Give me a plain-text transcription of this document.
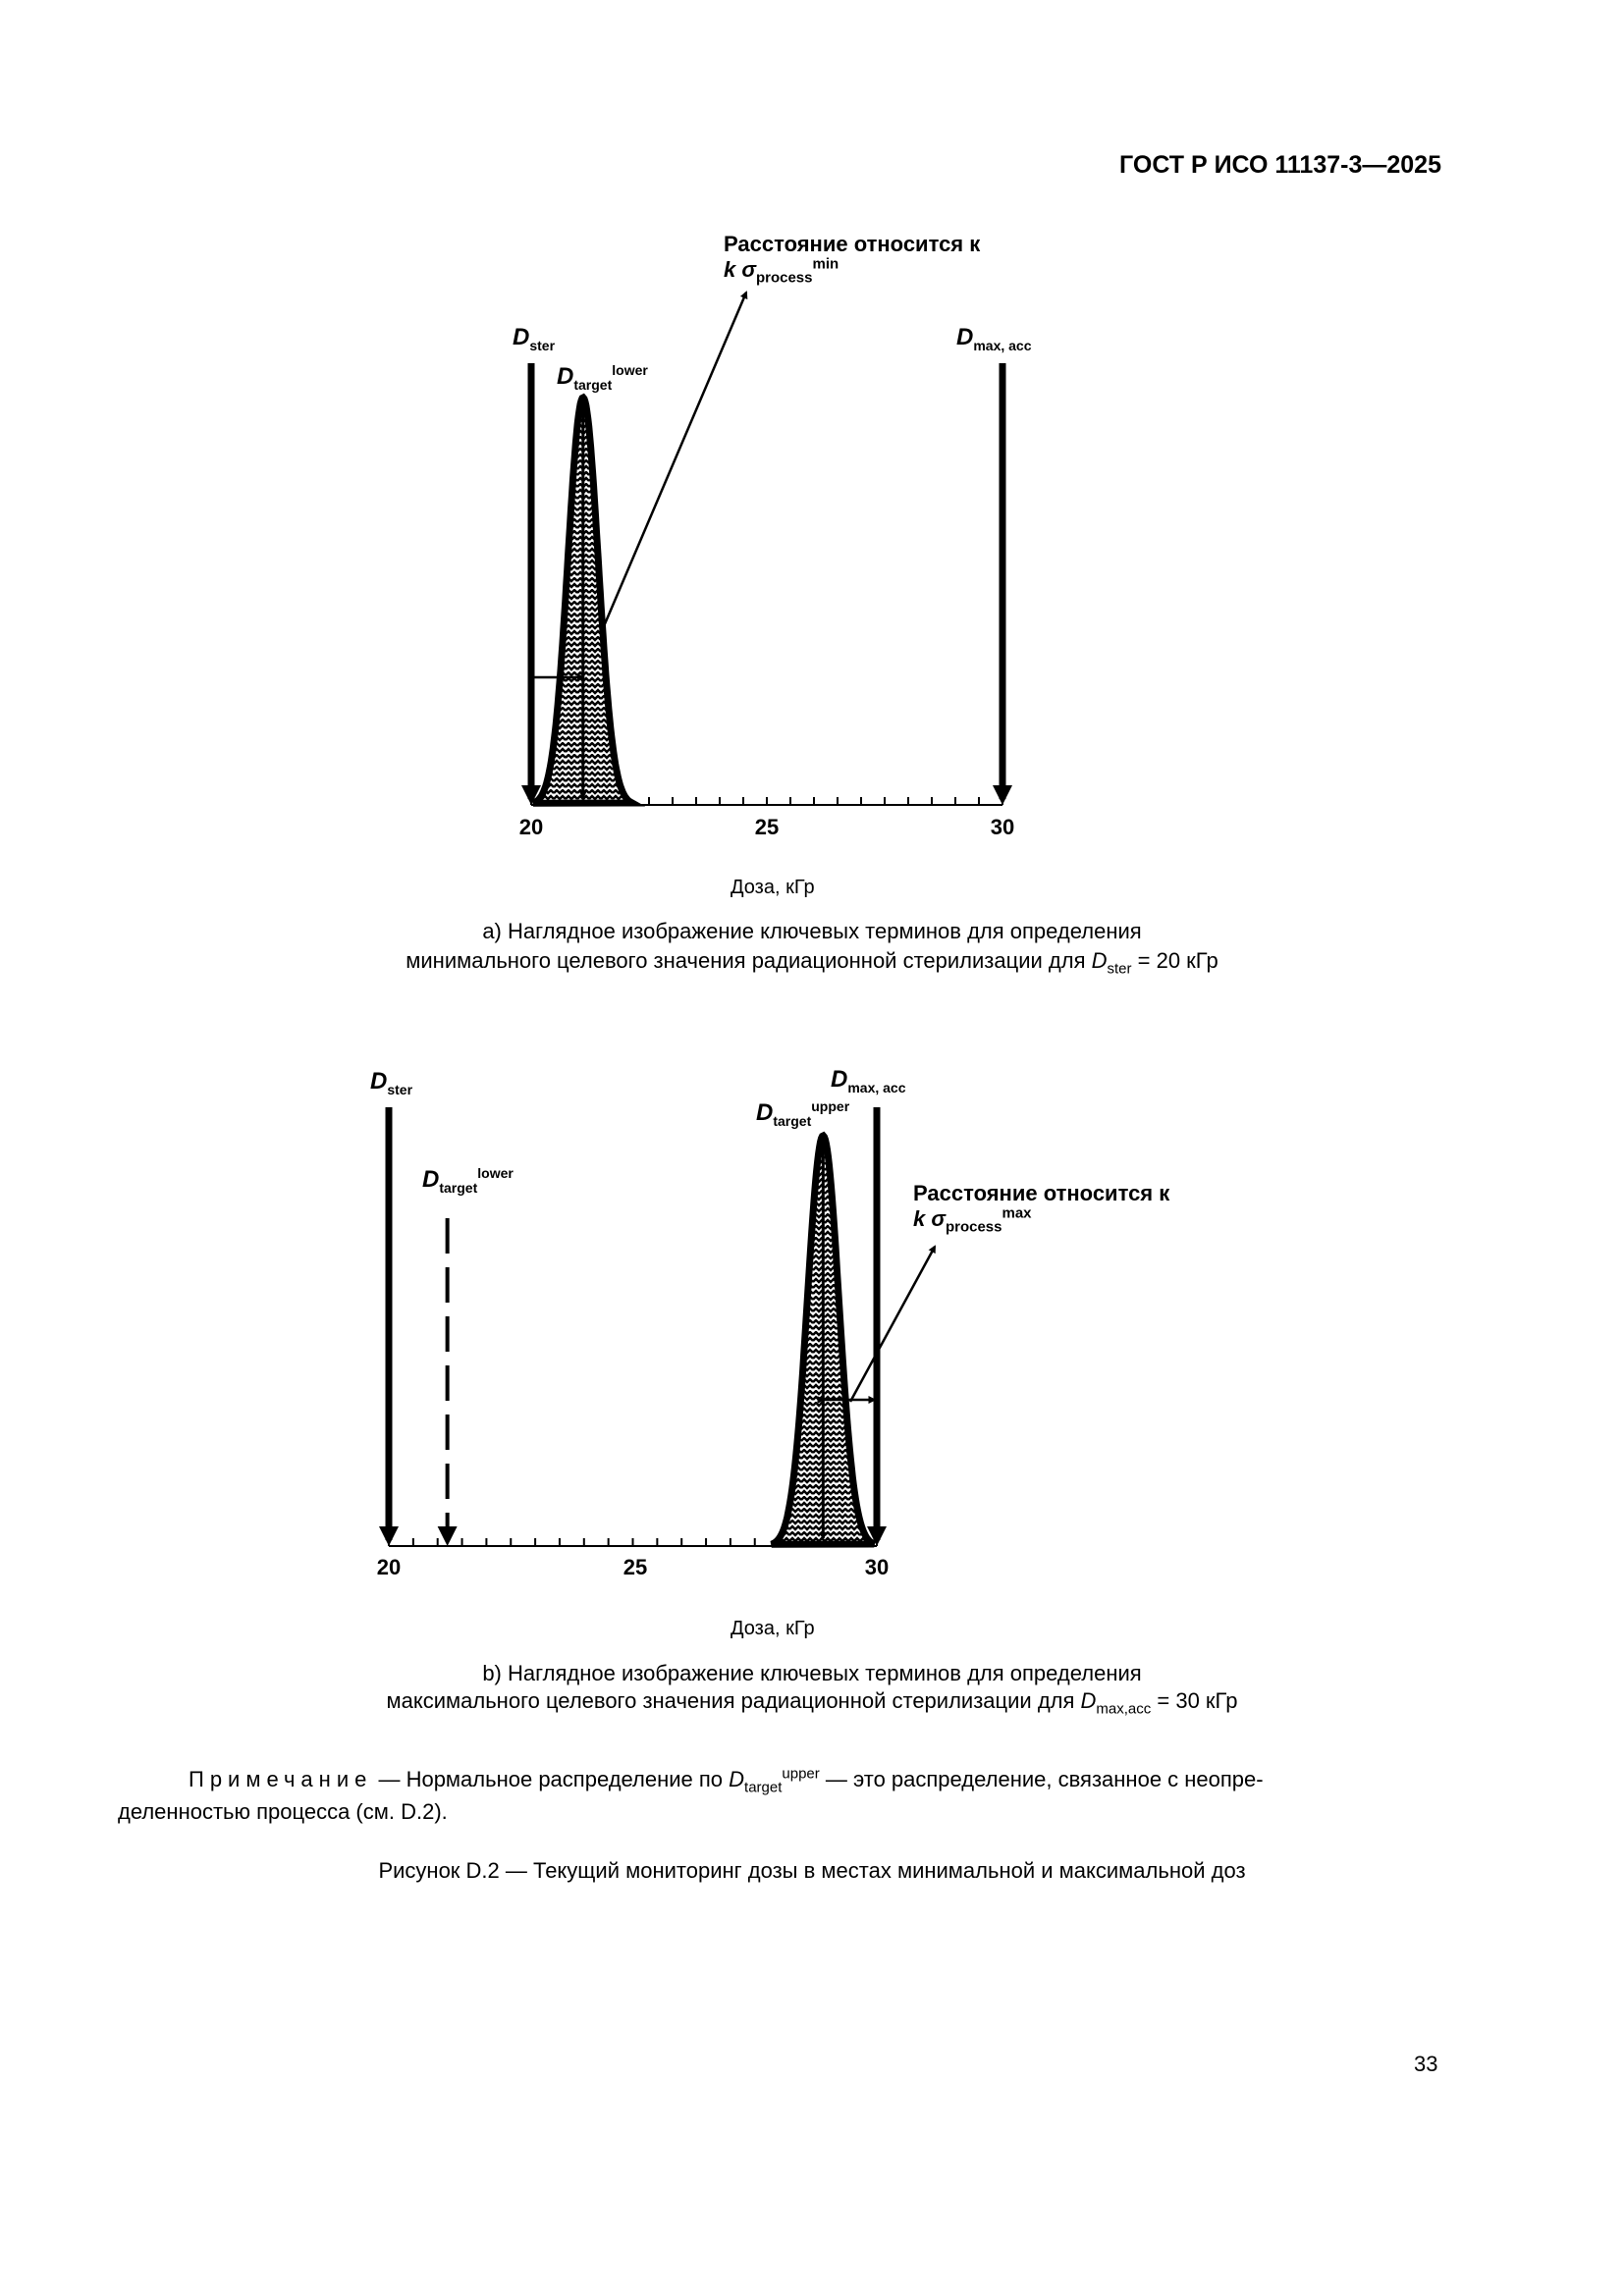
ГОСТ Р ИСО 11137-3—2025
Расстояние относится к
k $\sigma_{process}^{min}$
$D_{ster}$	$D_{max, acc}$
$D_{target}^{lower}$
20	25	30
Доза, кГр
а) Наглядное изображение ключевых терминов для определения
минимального целевого значения радиационной стерилизации для $D_{ster} = 20$ кГр
$D_{ster}$	$D_{max, acc}$
$D_{target}^{upper}$
$D_{target}^{lower}$
Расстояние относится к
k $\sigma_{process}^{max}$
20	25	30
Доза, кГр
b) Наглядное изображение ключевых терминов для определения
максимального целевого значения радиационной стерилизации для $D_{max,acc} = 30$ кГр
Примечание — Нормальное распределение по $D_{target}^{upper}$ — это распределение, связанное с неопре-
деленностью процесса (см. D.2).
Рисунок D.2 — Текущий мониторинг дозы в местах минимальной и максимальной доз
33
